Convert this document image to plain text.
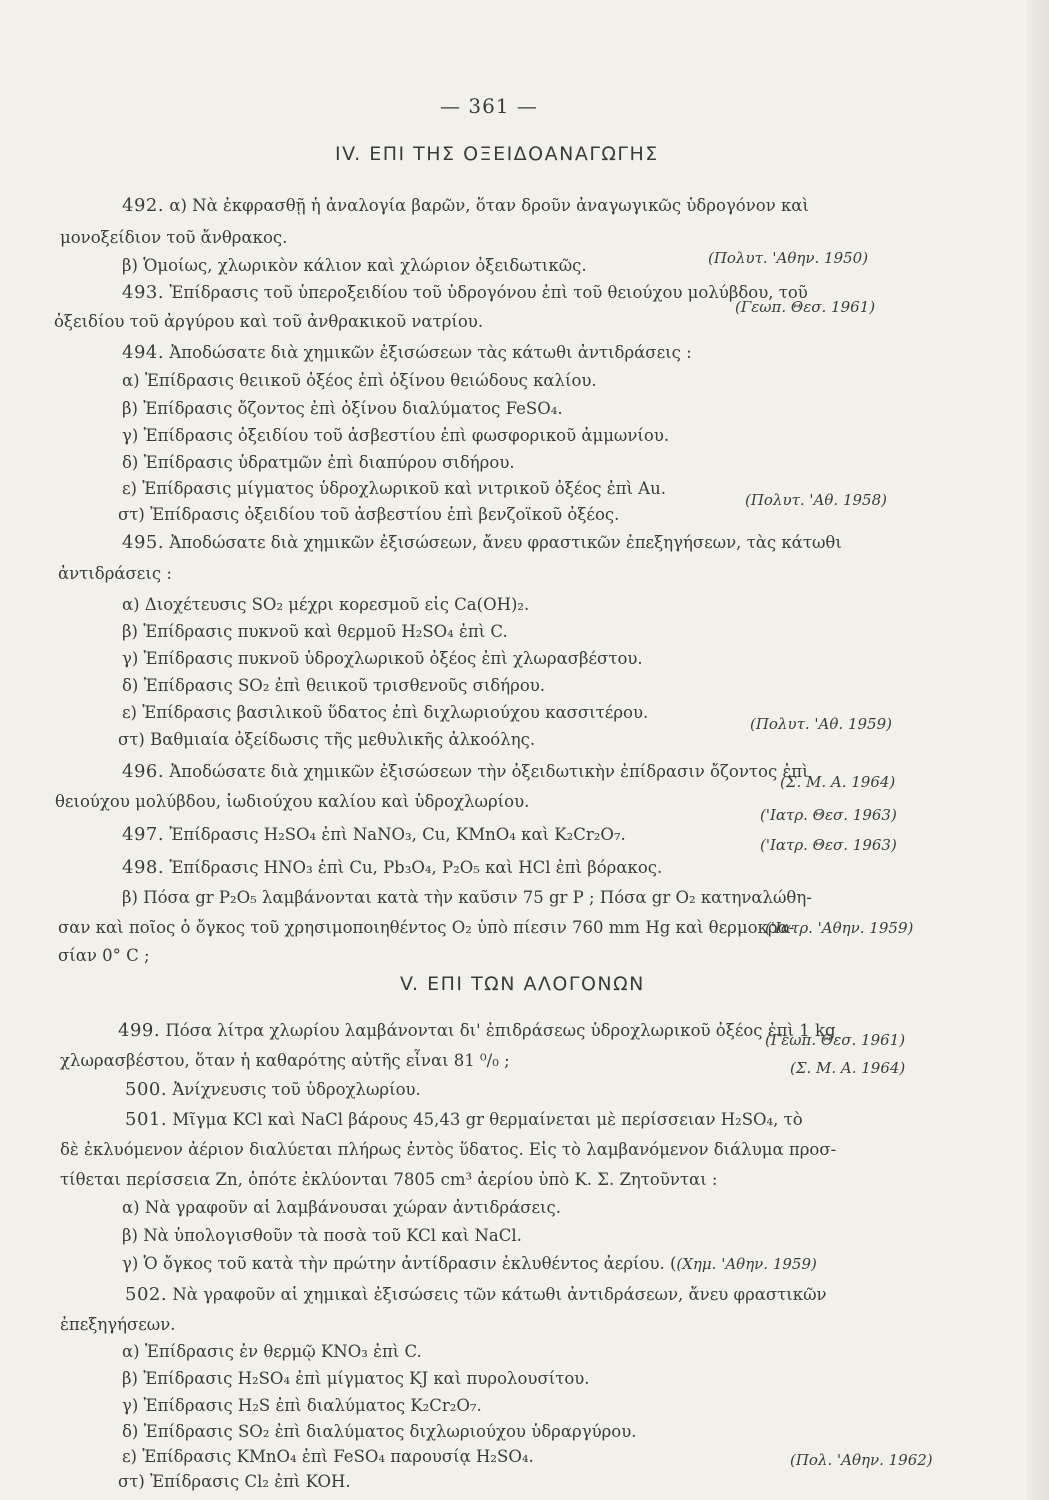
— 361 —
IV. ΕΠΙ ΤΗΣ ΟΞΕΙΔΟΑΝΑΓΩΓΗΣ
492. α) Νὰ ἐκφρασθῇ ἡ ἀναλογία βαρῶν, ὅταν δροῦν ἀναγωγικῶς ὑδρογόνον καὶ
μονοξείδιον τοῦ ἄνθρακος.
β) Ὁμοίως, χλωρικὸν κάλιον καὶ χλώριον ὀξειδωτικῶς.	(Πολυτ. 'Αθην. 1950)
493. Ἐπίδρασις τοῦ ὑπεροξειδίου τοῦ ὑδρογόνου ἐπὶ τοῦ θειούχου μολύβδου, τοῦ
ὀξειδίου τοῦ ἀργύρου καὶ τοῦ ἀνθρακικοῦ νατρίου.
(Γεωπ. Θεσ. 1961)
494. Ἀποδώσατε διὰ χημικῶν ἐξισώσεων τὰς κάτωθι ἀντιδράσεις :
α) Ἐπίδρασις θειικοῦ ὀξέος ἐπὶ ὀξίνου θειώδους καλίου.
β) Ἐπίδρασις ὄζοντος ἐπὶ ὀξίνου διαλύματος FeSO₄.
γ) Ἐπίδρασις ὀξειδίου τοῦ ἀσβεστίου ἐπὶ φωσφορικοῦ ἀμμωνίου.
δ) Ἐπίδρασις ὑδρατμῶν ἐπὶ διαπύρου σιδήρου.
ε) Ἐπίδρασις μίγματος ὑδροχλωρικοῦ καὶ νιτρικοῦ ὀξέος ἐπὶ Au.
στ) Ἐπίδρασις ὀξειδίου τοῦ ἀσβεστίου ἐπὶ βενζοϊκοῦ ὀξέος.
(Πολυτ. 'Αθ. 1958)
495. Ἀποδώσατε διὰ χημικῶν ἐξισώσεων, ἄνευ φραστικῶν ἐπεξηγήσεων, τὰς κάτωθι
ἀντιδράσεις :
α) Διοχέτευσις SO₂ μέχρι κορεσμοῦ εἰς Ca(OH)₂.
β) Ἐπίδρασις πυκνοῦ καὶ θερμοῦ H₂SO₄ ἐπὶ C.
γ) Ἐπίδρασις πυκνοῦ ὑδροχλωρικοῦ ὀξέος ἐπὶ χλωρασβέστου.
δ) Ἐπίδρασις SO₂ ἐπὶ θειικοῦ τρισθενοῦς σιδήρου.
ε) Ἐπίδρασις βασιλικοῦ ὕδατος ἐπὶ διχλωριούχου κασσιτέρου.
στ) Βαθμιαία ὀξείδωσις τῆς μεθυλικῆς ἀλκοόλης.
(Πολυτ. 'Αθ. 1959)
496. Ἀποδώσατε διὰ χημικῶν ἐξισώσεων τὴν ὀξειδωτικὴν ἐπίδρασιν ὄζοντος ἐπὶ
θειούχου μολύβδου, ἰωδιούχου καλίου καὶ ὑδροχλωρίου.
(Σ. Μ. Α. 1964)
497. Ἐπίδρασις H₂SO₄ ἐπὶ NaNO₃, Cu, KMnO₄ καὶ K₂Cr₂O₇.
('Ιατρ. Θεσ. 1963)
498. Ἐπίδρασις HNO₃ ἐπὶ Cu, Pb₃O₄, P₂O₅ καὶ HCl ἐπὶ βόρακος.
('Ιατρ. Θεσ. 1963)
β) Πόσα gr P₂O₅ λαμβάνονται κατὰ τὴν καῦσιν 75 gr P ; Πόσα gr O₂ κατηναλώθη-
σαν καὶ ποῖος ὁ ὄγκος τοῦ χρησιμοποιηθέντος O₂ ὑπὸ πίεσιν 760 mm Hg καὶ θερμοκρα-
σίαν 0° C ;
('Ιατρ. 'Αθην. 1959)
V. ΕΠΙ ΤΩΝ ΑΛΟΓΟΝΩΝ
499. Πόσα λίτρα χλωρίου λαμβάνονται δι' ἐπιδράσεως ὑδροχλωρικοῦ ὀξέος ἐπὶ 1 kg
χλωρασβέστου, ὅταν ἡ καθαρότης αὐτῆς εἶναι 81 ⁰/₀ ;
(Γεωπ. Θεσ. 1961)
500. Ἀνίχνευσις τοῦ ὑδροχλωρίου.
(Σ. Μ. Α. 1964)
501. Μῖγμα KCl καὶ NaCl βάρους 45,43 gr θερμαίνεται μὲ περίσσειαν H₂SO₄, τὸ
δὲ ἐκλυόμενον ἀέριον διαλύεται πλήρως ἐντὸς ὕδατος. Εἰς τὸ λαμβανόμενον διάλυμα προσ-
τίθεται περίσσεια Zn, ὁπότε ἐκλύονται 7805 cm³ ἀερίου ὑπὸ Κ. Σ. Ζητοῦνται :
α) Νὰ γραφοῦν αἱ λαμβάνουσαι χώραν ἀντιδράσεις.
β) Νὰ ὑπολογισθοῦν τὰ ποσὰ τοῦ KCl καὶ NaCl.
γ) Ὁ ὄγκος τοῦ κατὰ τὴν πρώτην ἀντίδρασιν ἐκλυθέντος ἀερίου. ((Χημ. 'Αθην. 1959)
502. Νὰ γραφοῦν αἱ χημικαὶ ἐξισώσεις τῶν κάτωθι ἀντιδράσεων, ἄνευ φραστικῶν
ἐπεξηγήσεων.
α) Ἐπίδρασις ἐν θερμῷ KNO₃ ἐπὶ C.
β) Ἐπίδρασις H₂SO₄ ἐπὶ μίγματος KJ καὶ πυρολουσίτου.
γ) Ἐπίδρασις H₂S ἐπὶ διαλύματος K₂Cr₂O₇.
δ) Ἐπίδρασις SO₂ ἐπὶ διαλύματος διχλωριούχου ὑδραργύρου.
ε) Ἐπίδρασις KMnO₄ ἐπὶ FeSO₄ παρουσίᾳ H₂SO₄.
στ) Ἐπίδρασις Cl₂ ἐπὶ KOH.
(Πολ. 'Αθην. 1962)
